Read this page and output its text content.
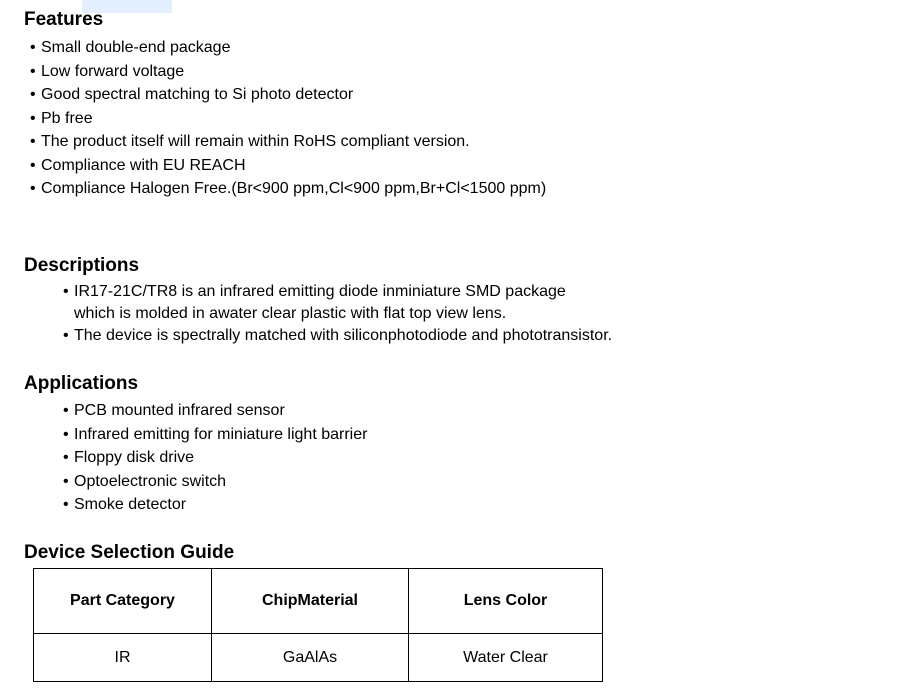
Features
• Small double-end package
• Low forward voltage
• Good spectral matching to Si photo detector
• Pb free
• The product itself will remain within RoHS compliant version.
• Compliance with EU REACH
• Compliance Halogen Free.(Br<900 ppm,Cl<900 ppm,Br+Cl<1500 ppm)
Descriptions
• IR17-21C/TR8 is an infrared emitting diode inminiature SMD package
which is molded in awater clear plastic with flat top view lens.
• The device is spectrally matched with siliconphotodiode and phototransistor.
Applications
• PCB mounted infrared sensor
• Infrared emitting for miniature light barrier
• Floppy disk drive
• Optoelectronic switch
• Smoke detector
Device Selection Guide
Part Category	ChipMaterial	Lens Color
IR	GaAlAs	Water Clear
